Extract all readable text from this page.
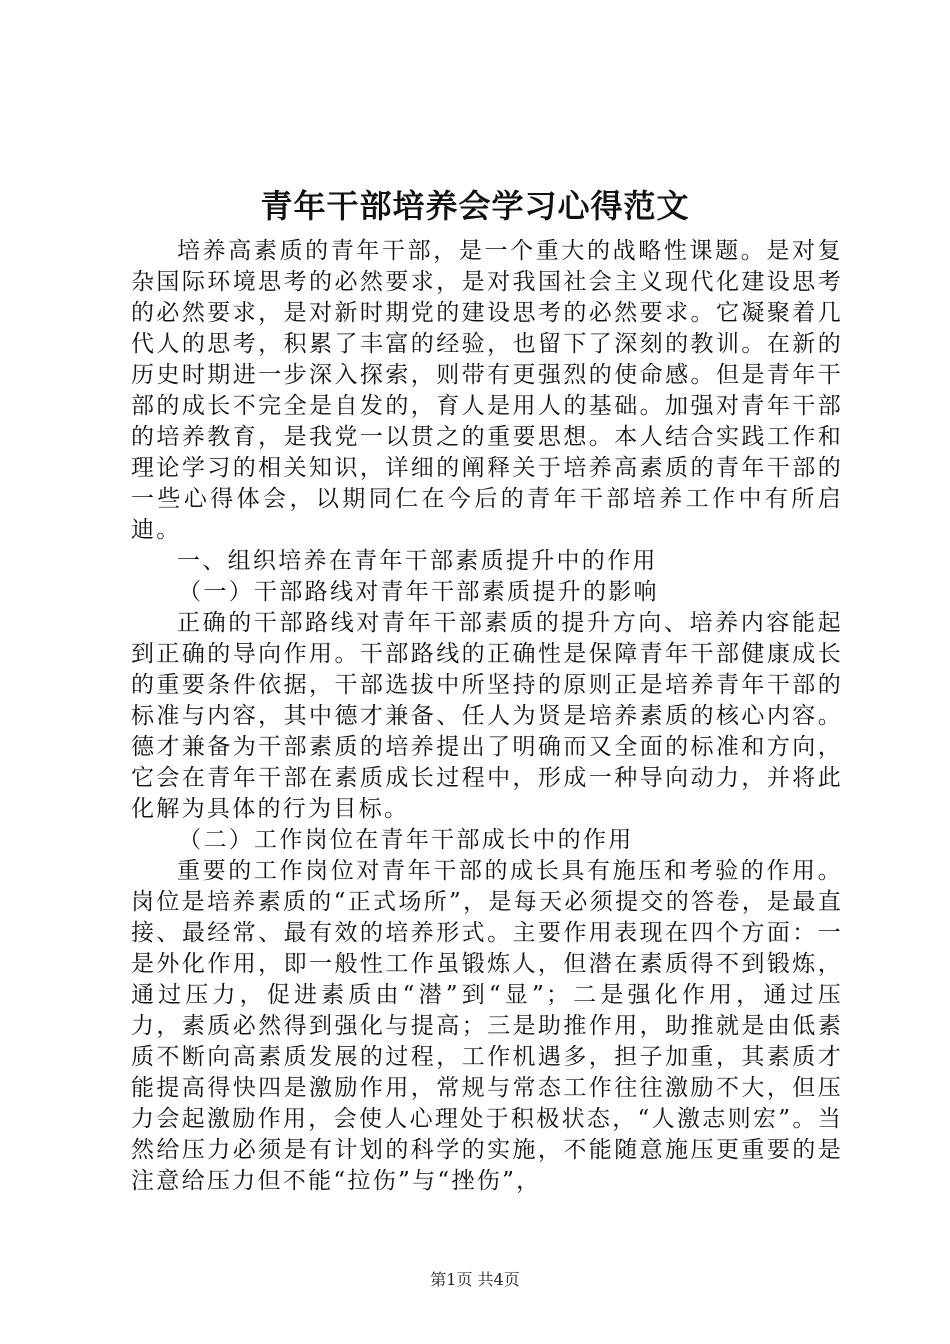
青年干部培养会学习心得范文

培养高素质的青年干部，是一个重大的战略性课题。是对复杂国际环境思考的必然要求，是对我国社会主义现代化建设思考的必然要求，是对新时期党的建设思考的必然要求。它凝聚着几代人的思考，积累了丰富的经验，也留下了深刻的教训。在新的历史时期进一步深入探索，则带有更强烈的使命感。但是青年干部的成长不完全是自发的，育人是用人的基础。加强对青年干部的培养教育，是我党一以贯之的重要思想。本人结合实践工作和理论学习的相关知识，详细的阐释关于培养高素质的青年干部的一些心得体会，以期同仁在今后的青年干部培养工作中有所启迪。

一、组织培养在青年干部素质提升中的作用

（一）干部路线对青年干部素质提升的影响

正确的干部路线对青年干部素质的提升方向、培养内容能起到正确的导向作用。干部路线的正确性是保障青年干部健康成长的重要条件依据，干部选拔中所坚持的原则正是培养青年干部的标准与内容，其中德才兼备、任人为贤是培养素质的核心内容。德才兼备为干部素质的培养提出了明确而又全面的标准和方向，它会在青年干部在素质成长过程中，形成一种导向动力，并将此化解为具体的行为目标。

（二）工作岗位在青年干部成长中的作用

重要的工作岗位对青年干部的成长具有施压和考验的作用。岗位是培养素质的“正式场所”，是每天必须提交的答卷，是最直接、最经常、最有效的培养形式。主要作用表现在四个方面：一是外化作用，即一般性工作虽锻炼人，但潜在素质得不到锻炼，通过压力，促进素质由“潜”到“显”；二是强化作用，通过压力，素质必然得到强化与提高；三是助推作用，助推就是由低素质不断向高素质发展的过程，工作机遇多，担子加重，其素质才能提高得快四是激励作用，常规与常态工作往往激励不大，但压力会起激励作用，会使人心理处于积极状态，“人激志则宏”。当然给压力必须是有计划的科学的实施，不能随意施压更重要的是注意给压力但不能“拉伤”与“挫伤”，

第1页 共4页
